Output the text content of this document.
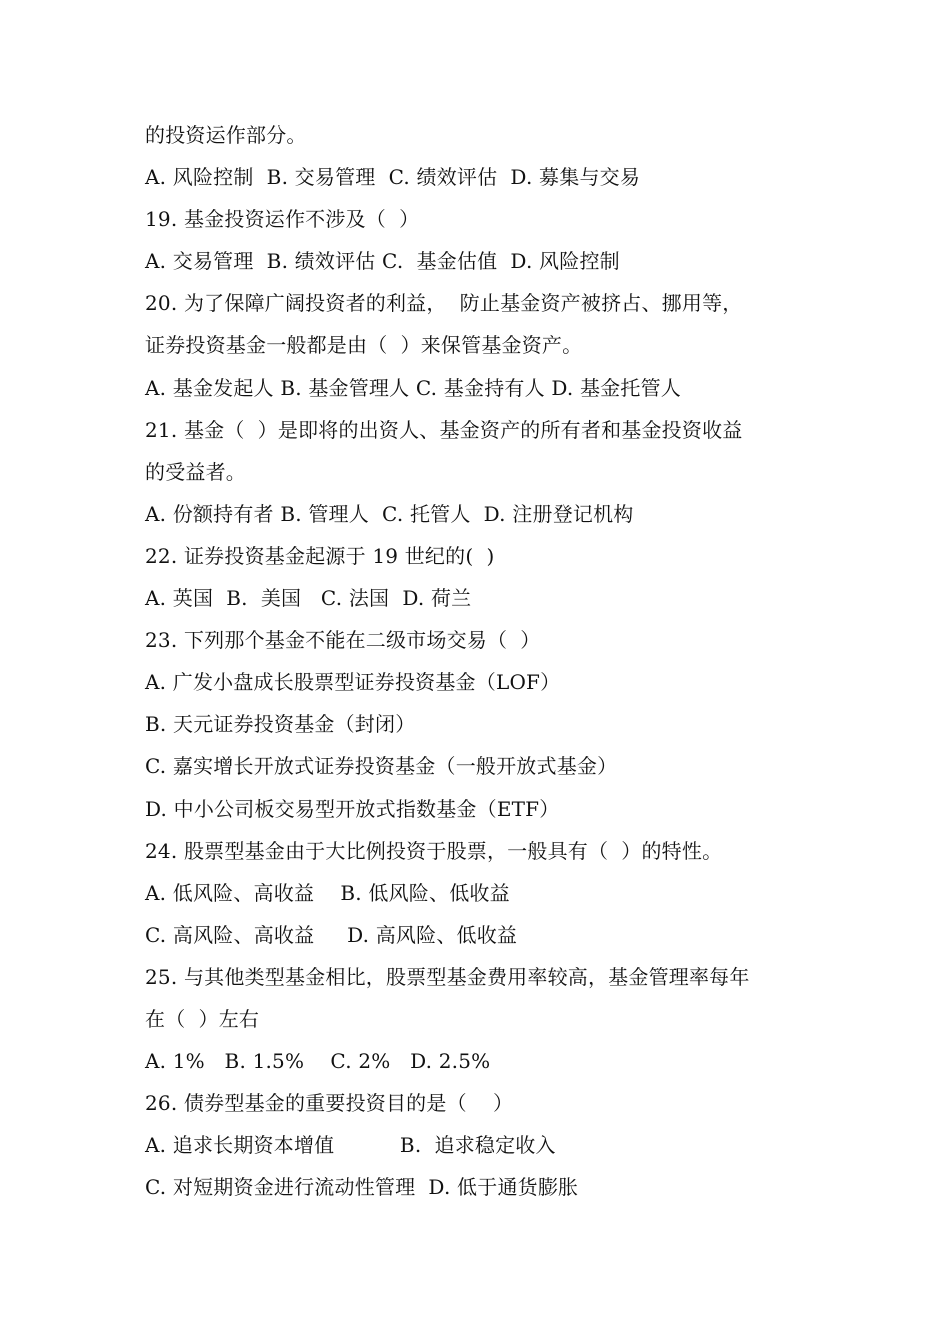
的投资运作部分。
A. 风险控制  B. 交易管理  C. 绩效评估  D. 募集与交易
19. 基金投资运作不涉及（  ）
A. 交易管理  B. 绩效评估 C.  基金估值  D. 风险控制
20. 为了保障广阔投资者的利益，  防止基金资产被挤占、挪用等，
证券投资基金一般都是由（  ）来保管基金资产。
A. 基金发起人 B. 基金管理人 C. 基金持有人 D. 基金托管人
21. 基金（  ）是即将的出资人、基金资产的所有者和基金投资收益
的受益者。
A. 份额持有者 B. 管理人  C. 托管人  D. 注册登记机构
22. 证券投资基金起源于 19 世纪的(  )
A. 英国  B.  美国   C. 法国  D. 荷兰
23. 下列那个基金不能在二级市场交易（  ）
A. 广发小盘成长股票型证券投资基金（LOF）
B. 天元证券投资基金（封闭）
C. 嘉实增长开放式证券投资基金（一般开放式基金）
D. 中小公司板交易型开放式指数基金（ETF）
24. 股票型基金由于大比例投资于股票，一般具有（  ）的特性。
A. 低风险、高收益    B. 低风险、低收益
C. 高风险、高收益     D. 高风险、低收益
25. 与其他类型基金相比，股票型基金费用率较高，基金管理率每年
在（  ）左右
A. 1%   B. 1.5%    C. 2%   D. 2.5%
26. 债券型基金的重要投资目的是（    ）
A. 追求长期资本增值          B.  追求稳定收入
C. 对短期资金进行流动性管理  D. 低于通货膨胀
